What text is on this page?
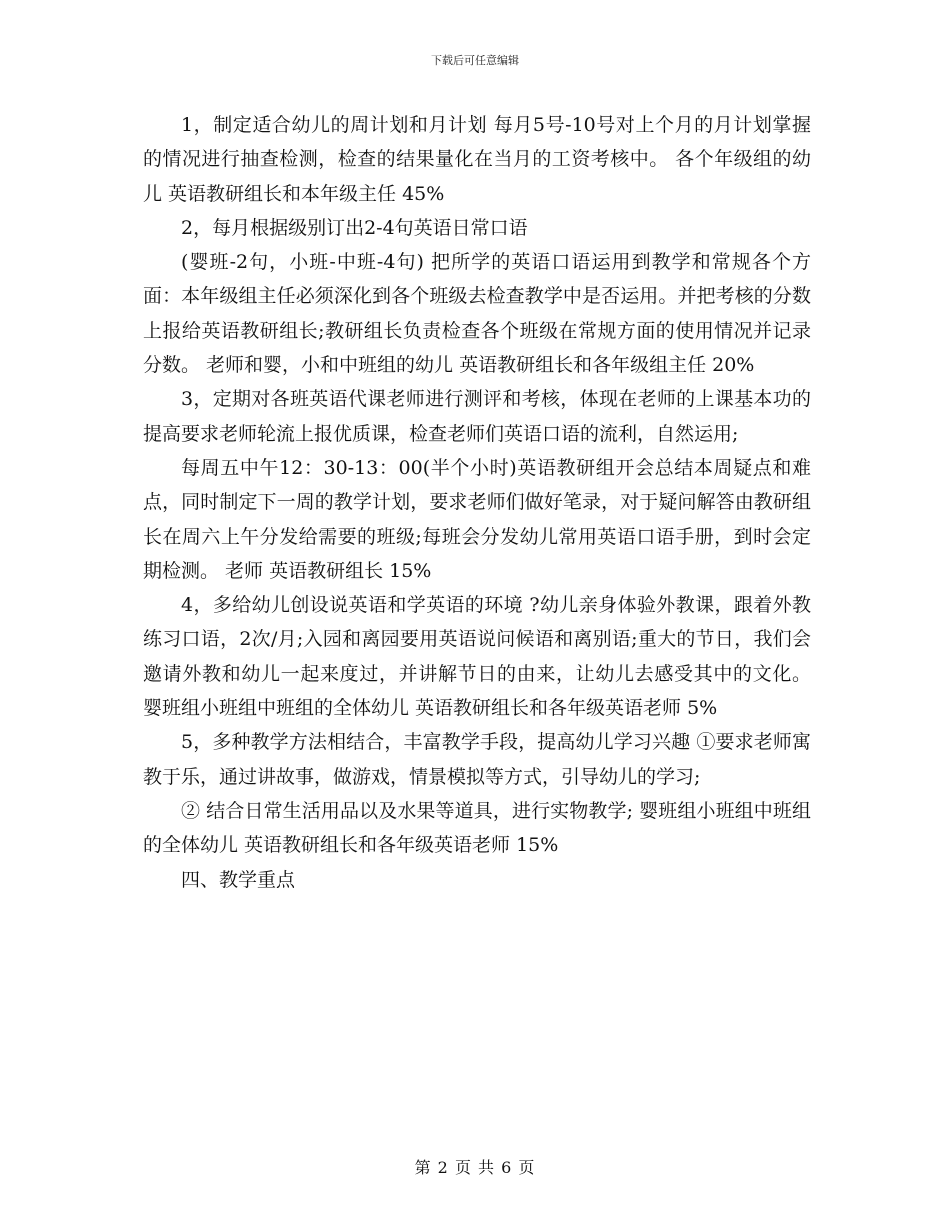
下载后可任意编辑

1，制定适合幼儿的周计划和月计划 每月5号-10号对上个月的月计划掌握的情况进行抽查检测，检查的结果量化在当月的工资考核中。 各个年级组的幼儿 英语教研组长和本年级主任 45%

2，每月根据级别订出2-4句英语日常口语

(婴班-2句，小班-中班-4句) 把所学的英语口语运用到教学和常规各个方面：本年级组主任必须深化到各个班级去检查教学中是否运用。并把考核的分数上报给英语教研组长;教研组长负责检查各个班级在常规方面的使用情况并记录分数。 老师和婴，小和中班组的幼儿 英语教研组长和各年级组主任 20%

3，定期对各班英语代课老师进行测评和考核，体现在老师的上课基本功的提高要求老师轮流上报优质课，检查老师们英语口语的流利，自然运用;

每周五中午12：30-13：00(半个小时)英语教研组开会总结本周疑点和难点，同时制定下一周的教学计划，要求老师们做好笔录，对于疑问解答由教研组长在周六上午分发给需要的班级;每班会分发幼儿常用英语口语手册，到时会定期检测。 老师 英语教研组长 15%

4，多给幼儿创设说英语和学英语的环境 ?幼儿亲身体验外教课，跟着外教练习口语，2次/月;入园和离园要用英语说问候语和离别语;重大的节日，我们会邀请外教和幼儿一起来度过，并讲解节日的由来，让幼儿去感受其中的文化。 婴班组小班组中班组的全体幼儿 英语教研组长和各年级英语老师 5%

5，多种教学方法相结合，丰富教学手段，提高幼儿学习兴趣 ①要求老师寓教于乐，通过讲故事，做游戏，情景模拟等方式，引导幼儿的学习;

② 结合日常生活用品以及水果等道具，进行实物教学; 婴班组小班组中班组的全体幼儿 英语教研组长和各年级英语老师 15%

四、教学重点

第 2 页 共 6 页
